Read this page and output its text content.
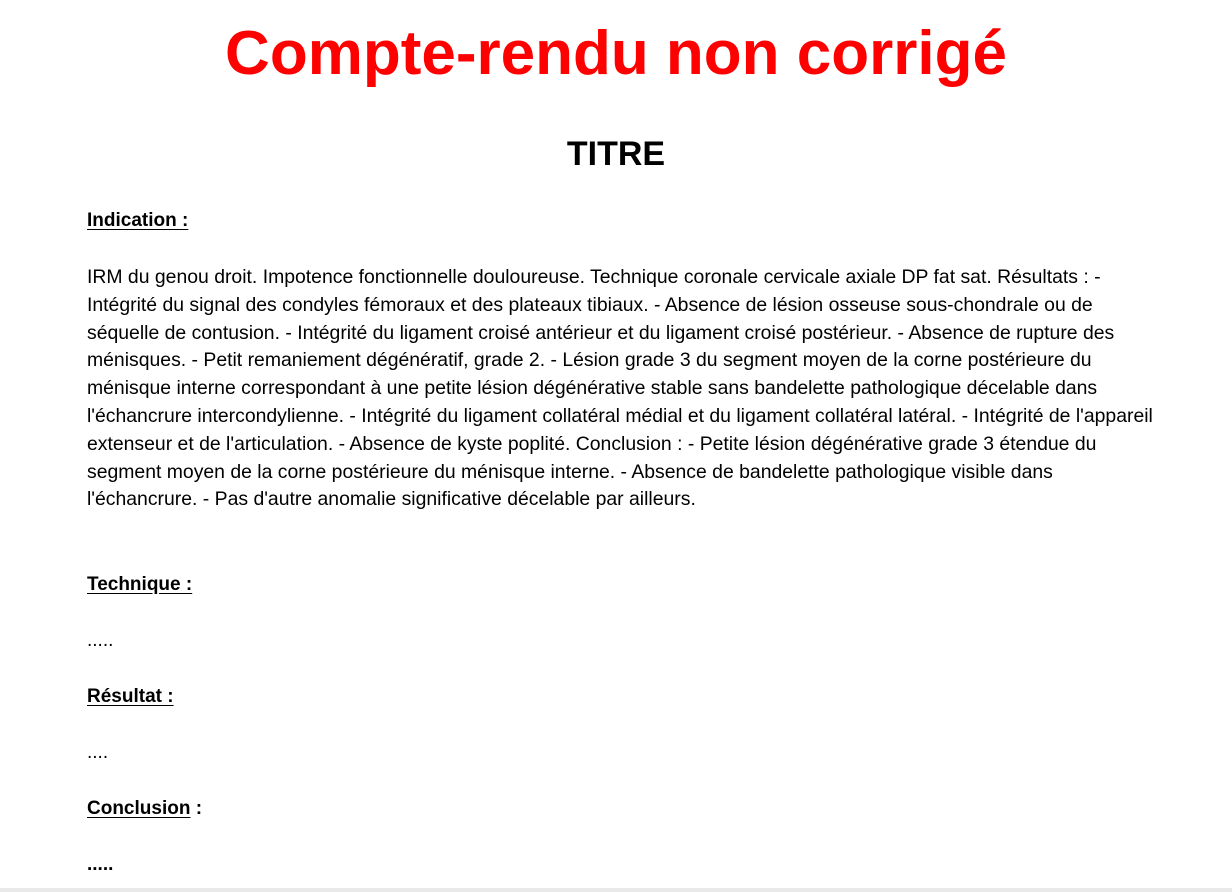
Compte-rendu non corrigé
TITRE
Indication :
IRM du genou droit. Impotence fonctionnelle douloureuse. Technique coronale cervicale axiale DP fat sat. Résultats : - Intégrité du signal des condyles fémoraux et des plateaux tibiaux. - Absence de lésion osseuse sous-chondrale ou de séquelle de contusion. - Intégrité du ligament croisé antérieur et du ligament croisé postérieur. - Absence de rupture des ménisques. - Petit remaniement dégénératif, grade 2. - Lésion grade 3 du segment moyen de la corne postérieure du ménisque interne correspondant à une petite lésion dégénérative stable sans bandelette pathologique décelable dans l'échancrure intercondylienne. - Intégrité du ligament collatéral médial et du ligament collatéral latéral. - Intégrité de l'appareil extenseur et de l'articulation. - Absence de kyste poplité. Conclusion : - Petite lésion dégénérative grade 3 étendue du segment moyen de la corne postérieure du ménisque interne. - Absence de bandelette pathologique visible dans l'échancrure. - Pas d'autre anomalie significative décelable par ailleurs.
Technique :
.....
Résultat :
....
Conclusion :
.....
